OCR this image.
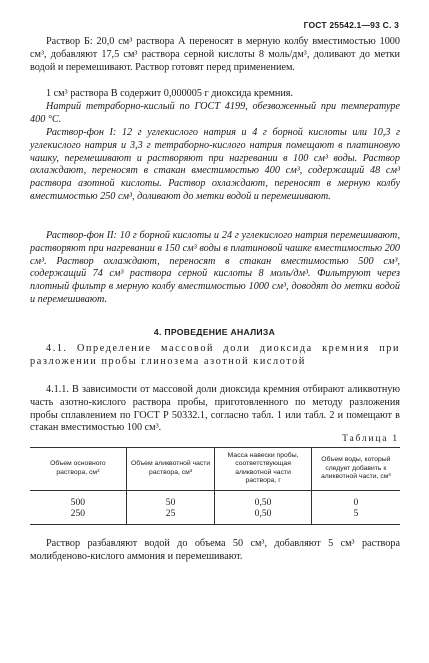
ГОСТ 25542.1—93 С. 3
Раствор Б: 20,0 см³ раствора А переносят в мерную колбу вместимостью 1000 см³, добавляют 17,5 см³ раствора серной кислоты 8 моль/дм³, доливают до метки водой и перемешивают. Раствор готовят перед применением.
1 см³ раствора В содержит 0,000005 г диоксида кремния.
Натрий тетраборно-кислый по ГОСТ 4199, обезвоженный при температуре 400 °С.
Раствор-фон I: 12 г углекислого натрия и 4 г борной кислоты или 10,3 г углекислого натрия и 3,3 г тетраборно-кислого натрия помещают в платиновую чашку, перемешивают и растворяют при нагревании в 100 см³ воды. Раствор охлаждают, переносят в стакан вместимостью 400 см³, содержащий 48 см³ раствора азотной кислоты. Раствор охлаждают, переносят в мерную колбу вместимостью 250 см³, доливают до метки водой и перемешивают.
Раствор-фон II: 10 г борной кислоты и 24 г углекислого натрия перемешивают, растворяют при нагревании в 150 см³ воды в платиновой чашке вместимостью 200 см³. Раствор охлаждают, переносят в стакан вместимостью 500 см³, содержащий 74 см³ раствора серной кислоты 8 моль/дм³. Фильтруют через плотный фильтр в мерную колбу вместимостью 1000 см³, доводят до метки водой и перемешивают.
4. ПРОВЕДЕНИЕ АНАЛИЗА
4.1. Определение массовой доли диоксида кремния при разложении пробы глинозема азотной кислотой
4.1.1. В зависимости от массовой доли диоксида кремния отбирают аликвотную часть азотно-кислого раствора пробы, приготовленного по методу разложения пробы сплавлением по ГОСТ Р 50332.1, согласно табл. 1 или табл. 2 и помещают в стакан вместимостью 100 см³.
Таблица 1
Объем основного раствора, см³	Объем аликвотной части раствора, см³	Масса навески пробы, соответствующая аликвотной части раствора, г	Объем воды, который следует добавить к аликвотной части, см³
500	50	0,50	0
250	25	0,50	5
Раствор разбавляют водой до объема 50 см³, добавляют 5 см³ раствора молибденово-кислого аммония и перемешивают.
